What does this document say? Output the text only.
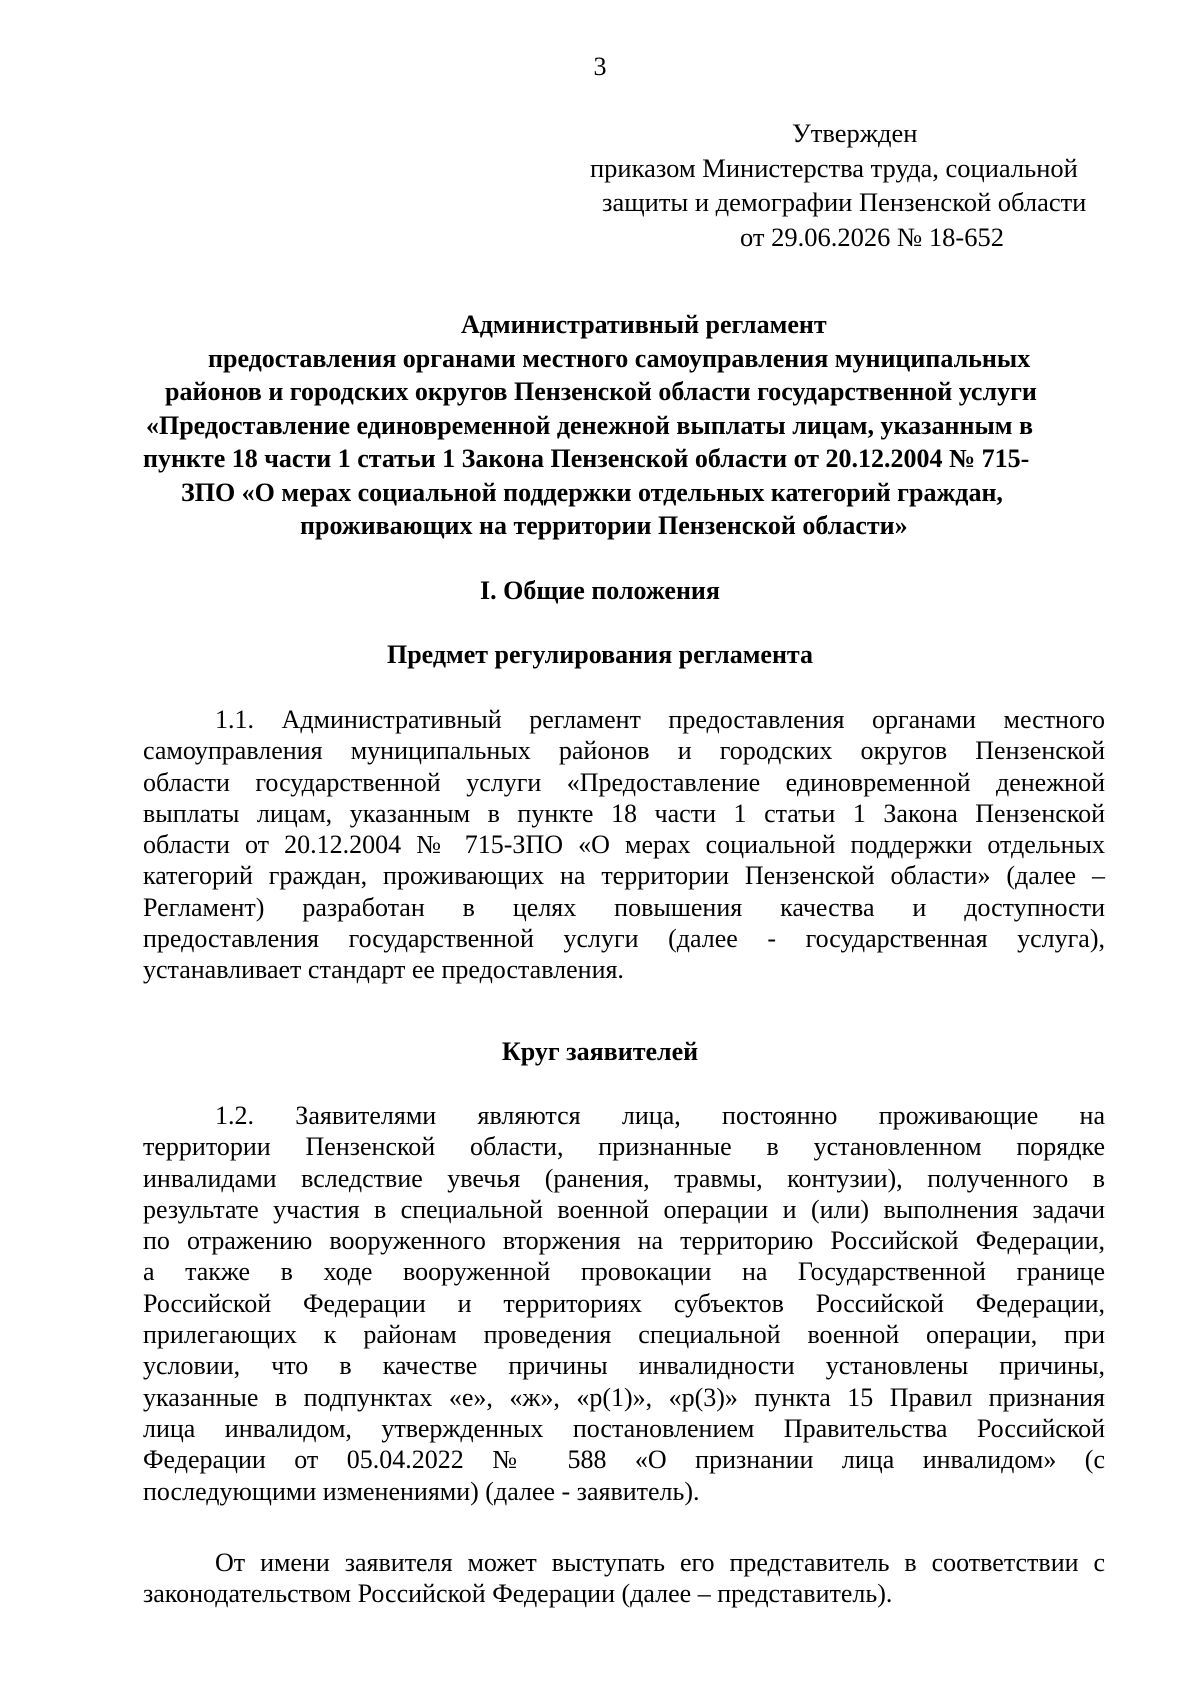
3
Утвержден
приказом Министерства труда, социальной
защиты и демографии Пензенской области
от 29.06.2026 № 18-652
Административный регламент
предоставления органами местного самоуправления муниципальных
районов и городских округов Пензенской области государственной услуги
«Предоставление единовременной денежной выплаты лицам, указанным в
пункте 18 части 1 статьи 1 Закона Пензенской области от 20.12.2004 № 715-
ЗПО «О мерах социальной поддержки отдельных категорий граждан,
проживающих на территории Пензенской области»
I. Общие положения
Предмет регулирования регламента
1.1. Административный регламент предоставления органами местного
самоуправления муниципальных районов и городских округов Пензенской
области государственной услуги «Предоставление единовременной денежной
выплаты лицам, указанным в пункте 18 части 1 статьи 1 Закона Пензенской
области от 20.12.2004 № 715-ЗПО «О мерах социальной поддержки отдельных
категорий граждан, проживающих на территории Пензенской области» (далее –
Регламент) разработан в целях повышения качества и доступности
предоставления государственной услуги (далее - государственная услуга),
устанавливает стандарт ее предоставления.
Круг заявителей
1.2. Заявителями являются лица, постоянно проживающие на
территории Пензенской области, признанные в установленном порядке
инвалидами вследствие увечья (ранения, травмы, контузии), полученного в
результате участия в специальной военной операции и (или) выполнения задачи
по отражению вооруженного вторжения на территорию Российской Федерации,
а также в ходе вооруженной провокации на Государственной границе
Российской Федерации и территориях субъектов Российской Федерации,
прилегающих к районам проведения специальной военной операции, при
условии, что в качестве причины инвалидности установлены причины,
указанные в подпунктах «е», «ж», «р(1)», «р(3)» пункта 15 Правил признания
лица инвалидом, утвержденных постановлением Правительства Российской
Федерации от 05.04.2022 № 588 «О признании лица инвалидом» (с
последующими изменениями) (далее - заявитель).
От имени заявителя может выступать его представитель в соответствии с
законодательством Российской Федерации (далее – представитель).
